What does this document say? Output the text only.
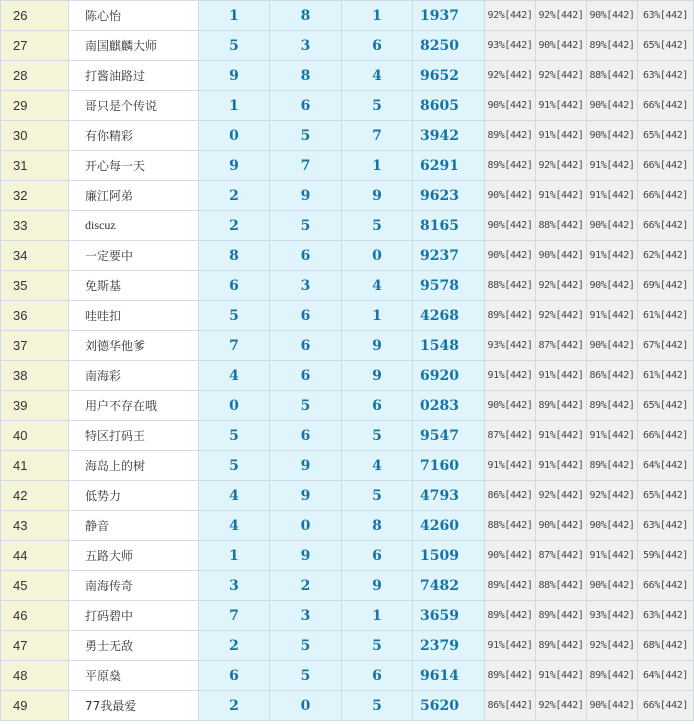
26	陈心怡	1	8	1	1937	92%[442]	92%[442]	90%[442]	63%[442]
27	南国麒麟大师	5	3	6	8250	93%[442]	90%[442]	89%[442]	65%[442]
28	打酱油路过	9	8	4	9652	92%[442]	92%[442]	88%[442]	63%[442]
29	哥只是个传说	1	6	5	8605	90%[442]	91%[442]	90%[442]	66%[442]
30	有你精彩	0	5	7	3942	89%[442]	91%[442]	90%[442]	65%[442]
31	开心每一天	9	7	1	6291	89%[442]	92%[442]	91%[442]	66%[442]
32	廉江阿弟	2	9	9	9623	90%[442]	91%[442]	91%[442]	66%[442]
33	discuz	2	5	5	8165	90%[442]	88%[442]	90%[442]	66%[442]
34	一定要中	8	6	0	9237	90%[442]	90%[442]	91%[442]	62%[442]
35	免斯基	6	3	4	9578	88%[442]	92%[442]	90%[442]	69%[442]
36	哇哇扣	5	6	1	4268	89%[442]	92%[442]	91%[442]	61%[442]
37	刘德华他爹	7	6	9	1548	93%[442]	87%[442]	90%[442]	67%[442]
38	南海彩	4	6	9	6920	91%[442]	91%[442]	86%[442]	61%[442]
39	用户不存在哦	0	5	6	0283	90%[442]	89%[442]	89%[442]	65%[442]
40	特区打码王	5	6	5	9547	87%[442]	91%[442]	91%[442]	66%[442]
41	海岛上的树	5	9	4	7160	91%[442]	91%[442]	89%[442]	64%[442]
42	低势力	4	9	5	4793	86%[442]	92%[442]	92%[442]	65%[442]
43	静音	4	0	8	4260	88%[442]	90%[442]	90%[442]	63%[442]
44	五路大师	1	9	6	1509	90%[442]	87%[442]	91%[442]	59%[442]
45	南海传奇	3	2	9	7482	89%[442]	88%[442]	90%[442]	66%[442]
46	打码碧中	7	3	1	3659	89%[442]	89%[442]	93%[442]	63%[442]
47	勇士无敌	2	5	5	2379	91%[442]	89%[442]	92%[442]	68%[442]
48	平原燊	6	5	6	9614	89%[442]	91%[442]	89%[442]	64%[442]
49	77我最爱	2	0	5	5620	86%[442]	92%[442]	90%[442]	66%[442]
